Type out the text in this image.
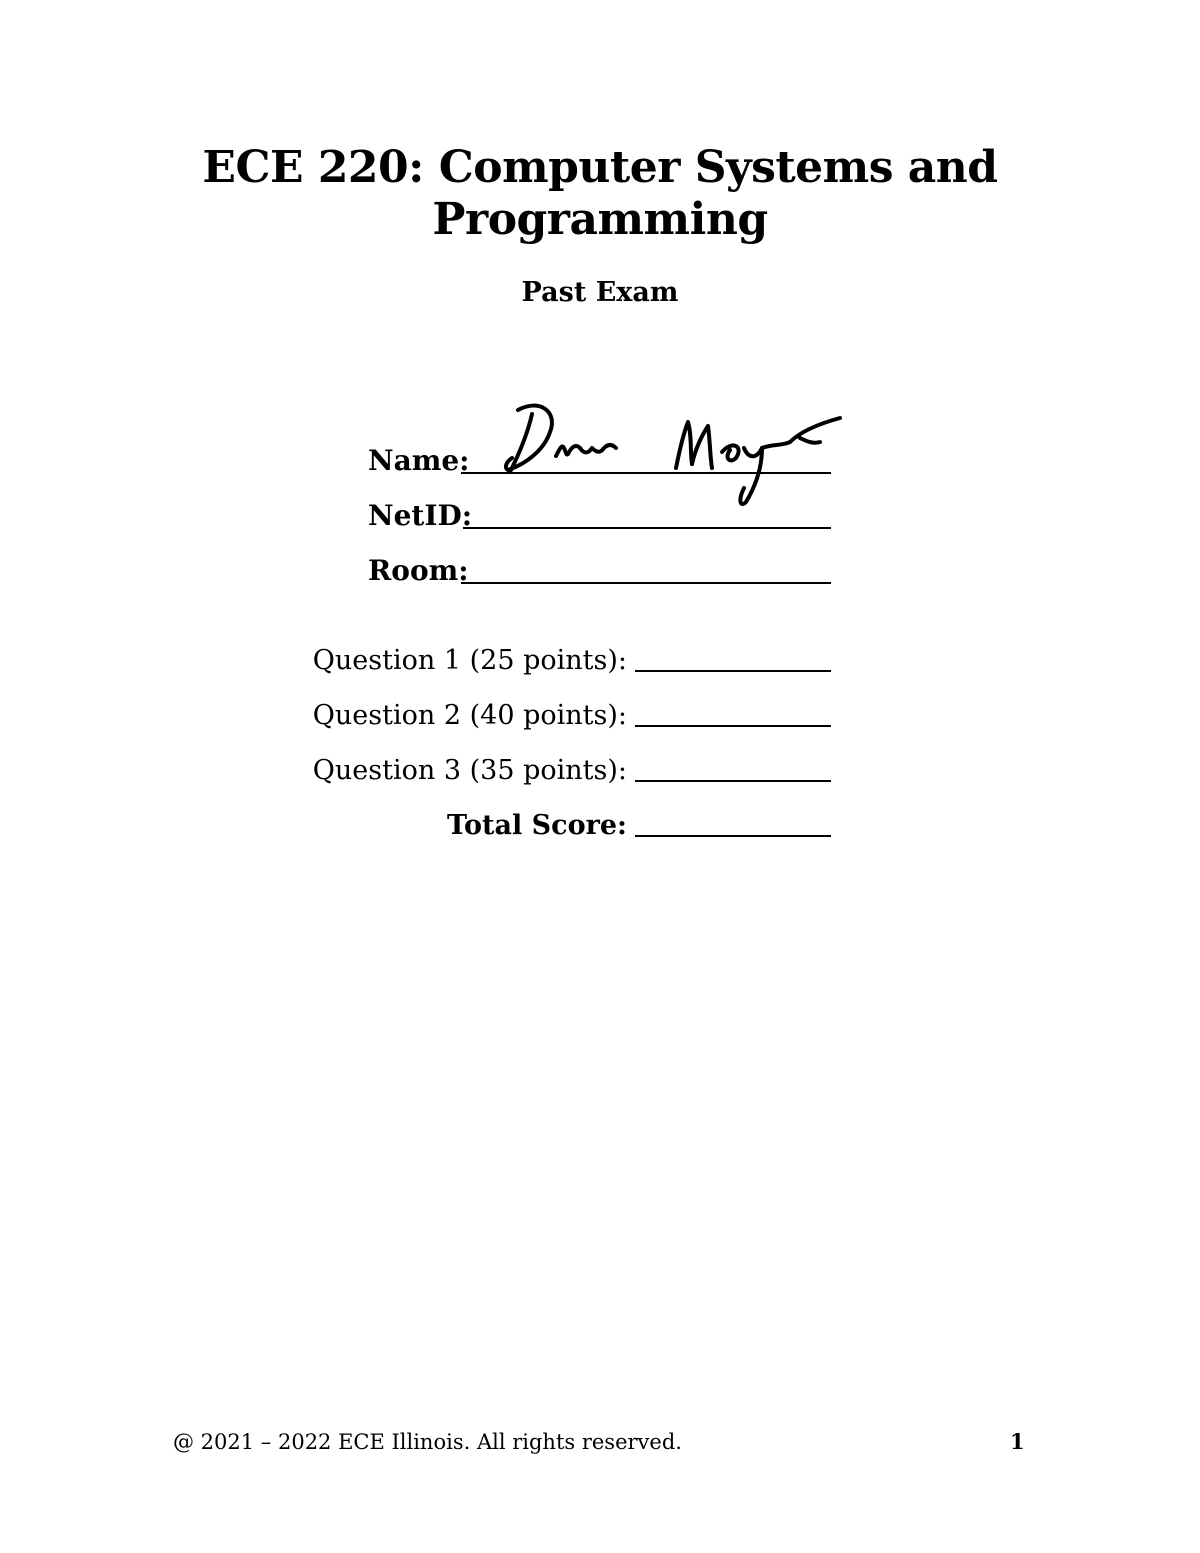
ECE 220: Computer Systems and
Programming
Past Exam
Name:
NetID:
Room:
Question 1 (25 points):
Question 2 (40 points):
Question 3 (35 points):
Total Score:
@ 2021 – 2022 ECE Illinois. All rights reserved.	1
